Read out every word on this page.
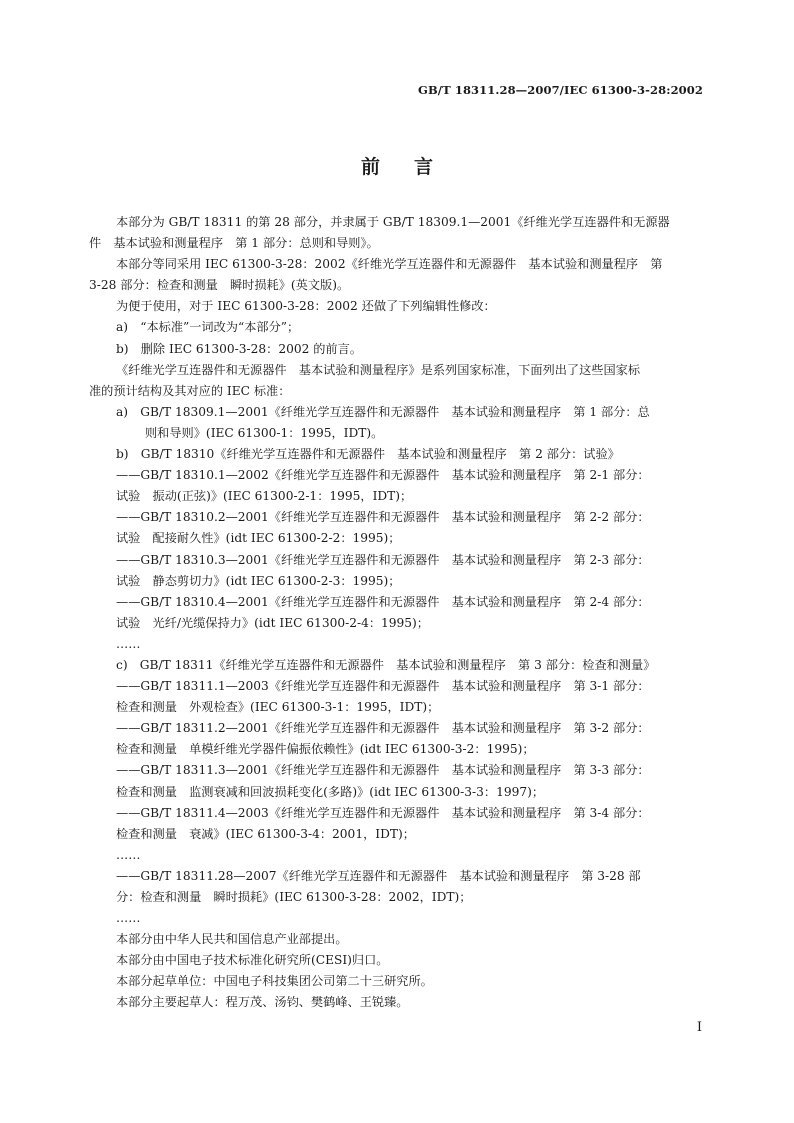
GB/T 18311.28—2007/IEC 61300-3-28:2002
前言

本部分为 GB/T 18311 的第 28 部分，并隶属于 GB/T 18309.1—2001《纤维光学互连器件和无源器

件　基本试验和测量程序　第 1 部分：总则和导则》。

本部分等同采用 IEC 61300-3-28：2002《纤维光学互连器件和无源器件　基本试验和测量程序　第

3-28 部分：检查和测量　瞬时损耗》(英文版)。

为便于使用，对于 IEC 61300-3-28：2002 还做了下列编辑性修改：

a)　“本标准”一词改为“本部分”；

b)　删除 IEC 61300-3-28：2002 的前言。

《纤维光学互连器件和无源器件　基本试验和测量程序》是系列国家标准，下面列出了这些国家标

准的预计结构及其对应的 IEC 标准：

a)　GB/T 18309.1—2001《纤维光学互连器件和无源器件　基本试验和测量程序　第 1 部分：总

则和导则》(IEC 61300-1：1995，IDT)。

b)　GB/T 18310《纤维光学互连器件和无源器件　基本试验和测量程序　第 2 部分：试验》

——GB/T 18310.1—2002《纤维光学互连器件和无源器件　基本试验和测量程序　第 2-1 部分：

试验　振动(正弦)》(IEC 61300-2-1：1995，IDT)；

——GB/T 18310.2—2001《纤维光学互连器件和无源器件　基本试验和测量程序　第 2-2 部分：

试验　配接耐久性》(idt IEC 61300-2-2：1995)；

——GB/T 18310.3—2001《纤维光学互连器件和无源器件　基本试验和测量程序　第 2-3 部分：

试验　静态剪切力》(idt IEC 61300-2-3：1995)；

——GB/T 18310.4—2001《纤维光学互连器件和无源器件　基本试验和测量程序　第 2-4 部分：

试验　光纤/光缆保持力》(idt IEC 61300-2-4：1995)；

……

c)　GB/T 18311《纤维光学互连器件和无源器件　基本试验和测量程序　第 3 部分：检查和测量》

——GB/T 18311.1—2003《纤维光学互连器件和无源器件　基本试验和测量程序　第 3-1 部分：

检查和测量　外观检查》(IEC 61300-3-1：1995，IDT)；

——GB/T 18311.2—2001《纤维光学互连器件和无源器件　基本试验和测量程序　第 3-2 部分：

检查和测量　单模纤维光学器件偏振依赖性》(idt IEC 61300-3-2：1995)；

——GB/T 18311.3—2001《纤维光学互连器件和无源器件　基本试验和测量程序　第 3-3 部分：

检查和测量　监测衰减和回波损耗变化(多路)》(idt IEC 61300-3-3：1997)；

——GB/T 18311.4—2003《纤维光学互连器件和无源器件　基本试验和测量程序　第 3-4 部分：

检查和测量　衰减》(IEC 61300-3-4：2001，IDT)；

……

——GB/T 18311.28—2007《纤维光学互连器件和无源器件　基本试验和测量程序　第 3-28 部

分：检查和测量　瞬时损耗》(IEC 61300-3-28：2002，IDT)；

……

本部分由中华人民共和国信息产业部提出。

本部分由中国电子技术标准化研究所(CESI)归口。

本部分起草单位：中国电子科技集团公司第二十三研究所。

本部分主要起草人：程万茂、汤钧、樊鹤峰、王锐臻。

I
